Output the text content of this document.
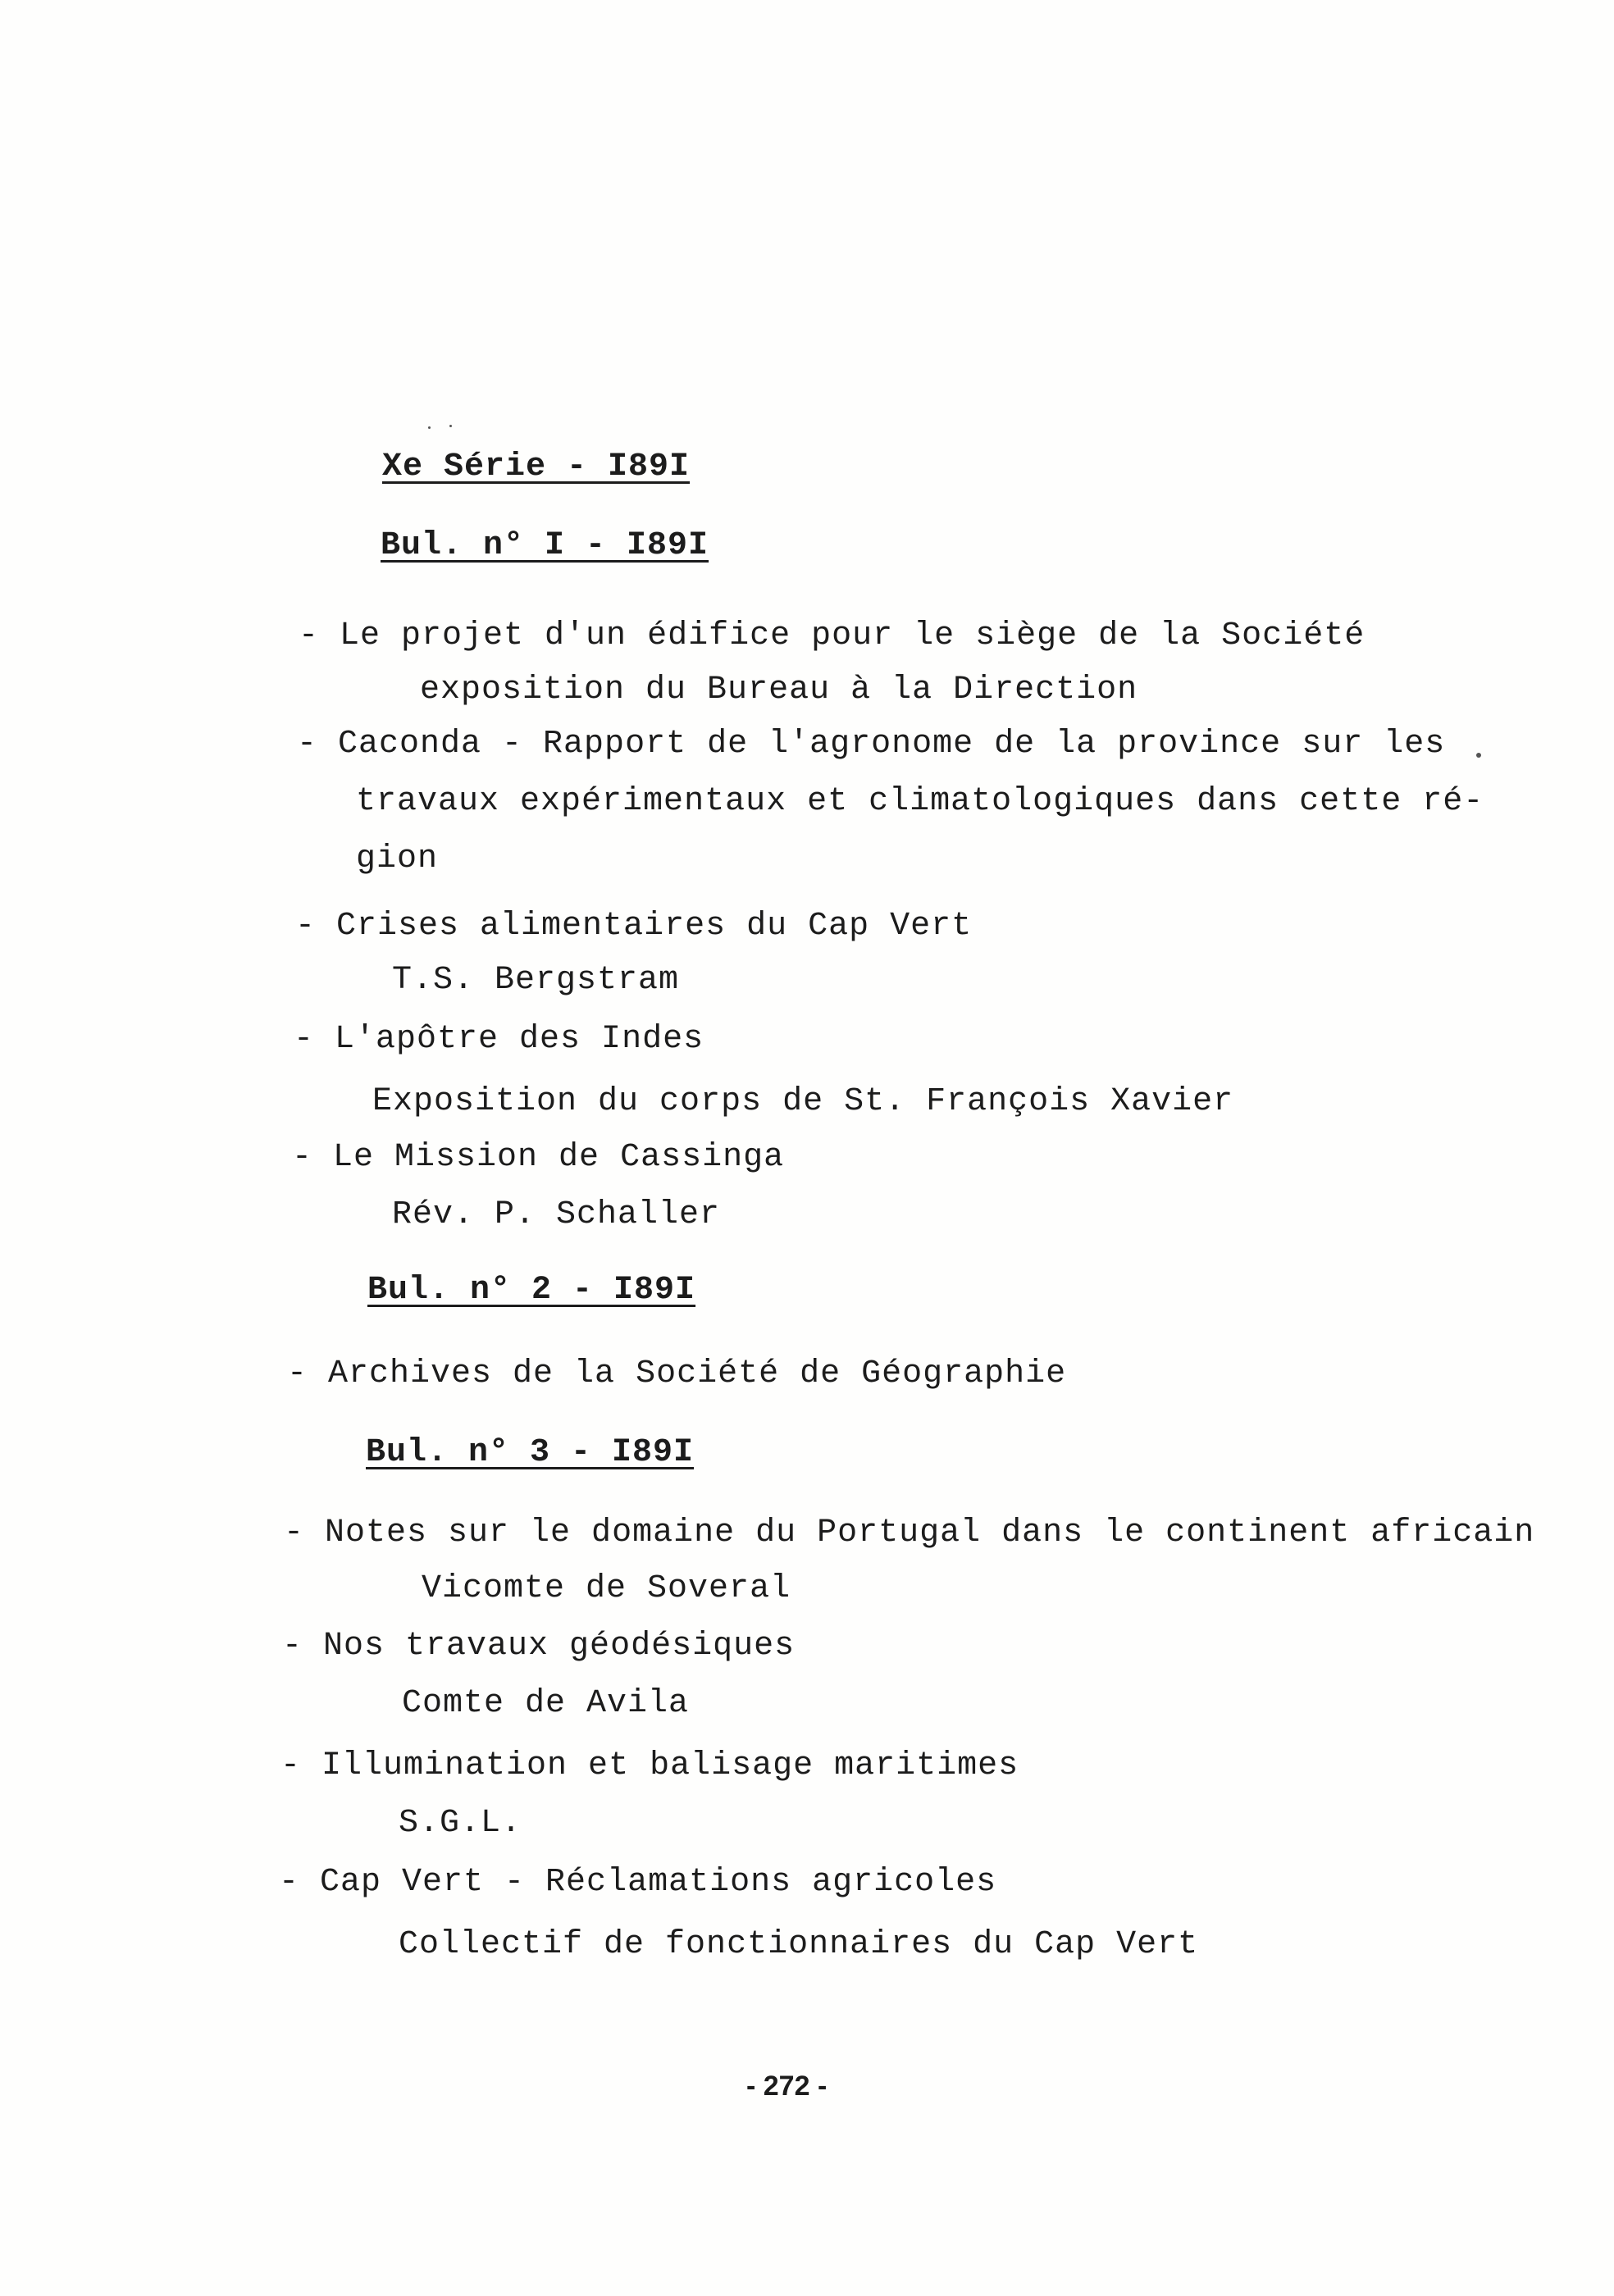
Xe Série - I89I
Bul. n° I - I89I
- Le projet d'un édifice pour le siège de la Société
exposition du Bureau à la Direction
- Caconda - Rapport de l'agronome de la province sur les
travaux expérimentaux et climatologiques dans cette ré-
gion
- Crises alimentaires du Cap Vert
T.S. Bergstram
- L'apôtre des Indes
Exposition du corps de St. François Xavier
- Le Mission de Cassinga
Rév. P. Schaller
Bul. n° 2 - I89I
- Archives de la Société de Géographie
Bul. n° 3 - I89I
- Notes sur le domaine du Portugal dans le continent africain
Vicomte de Soveral
- Nos travaux géodésiques
Comte de Avila
- Illumination et balisage maritimes
S.G.L.
- Cap Vert - Réclamations agricoles
Collectif de fonctionnaires du Cap Vert
- 272 -
